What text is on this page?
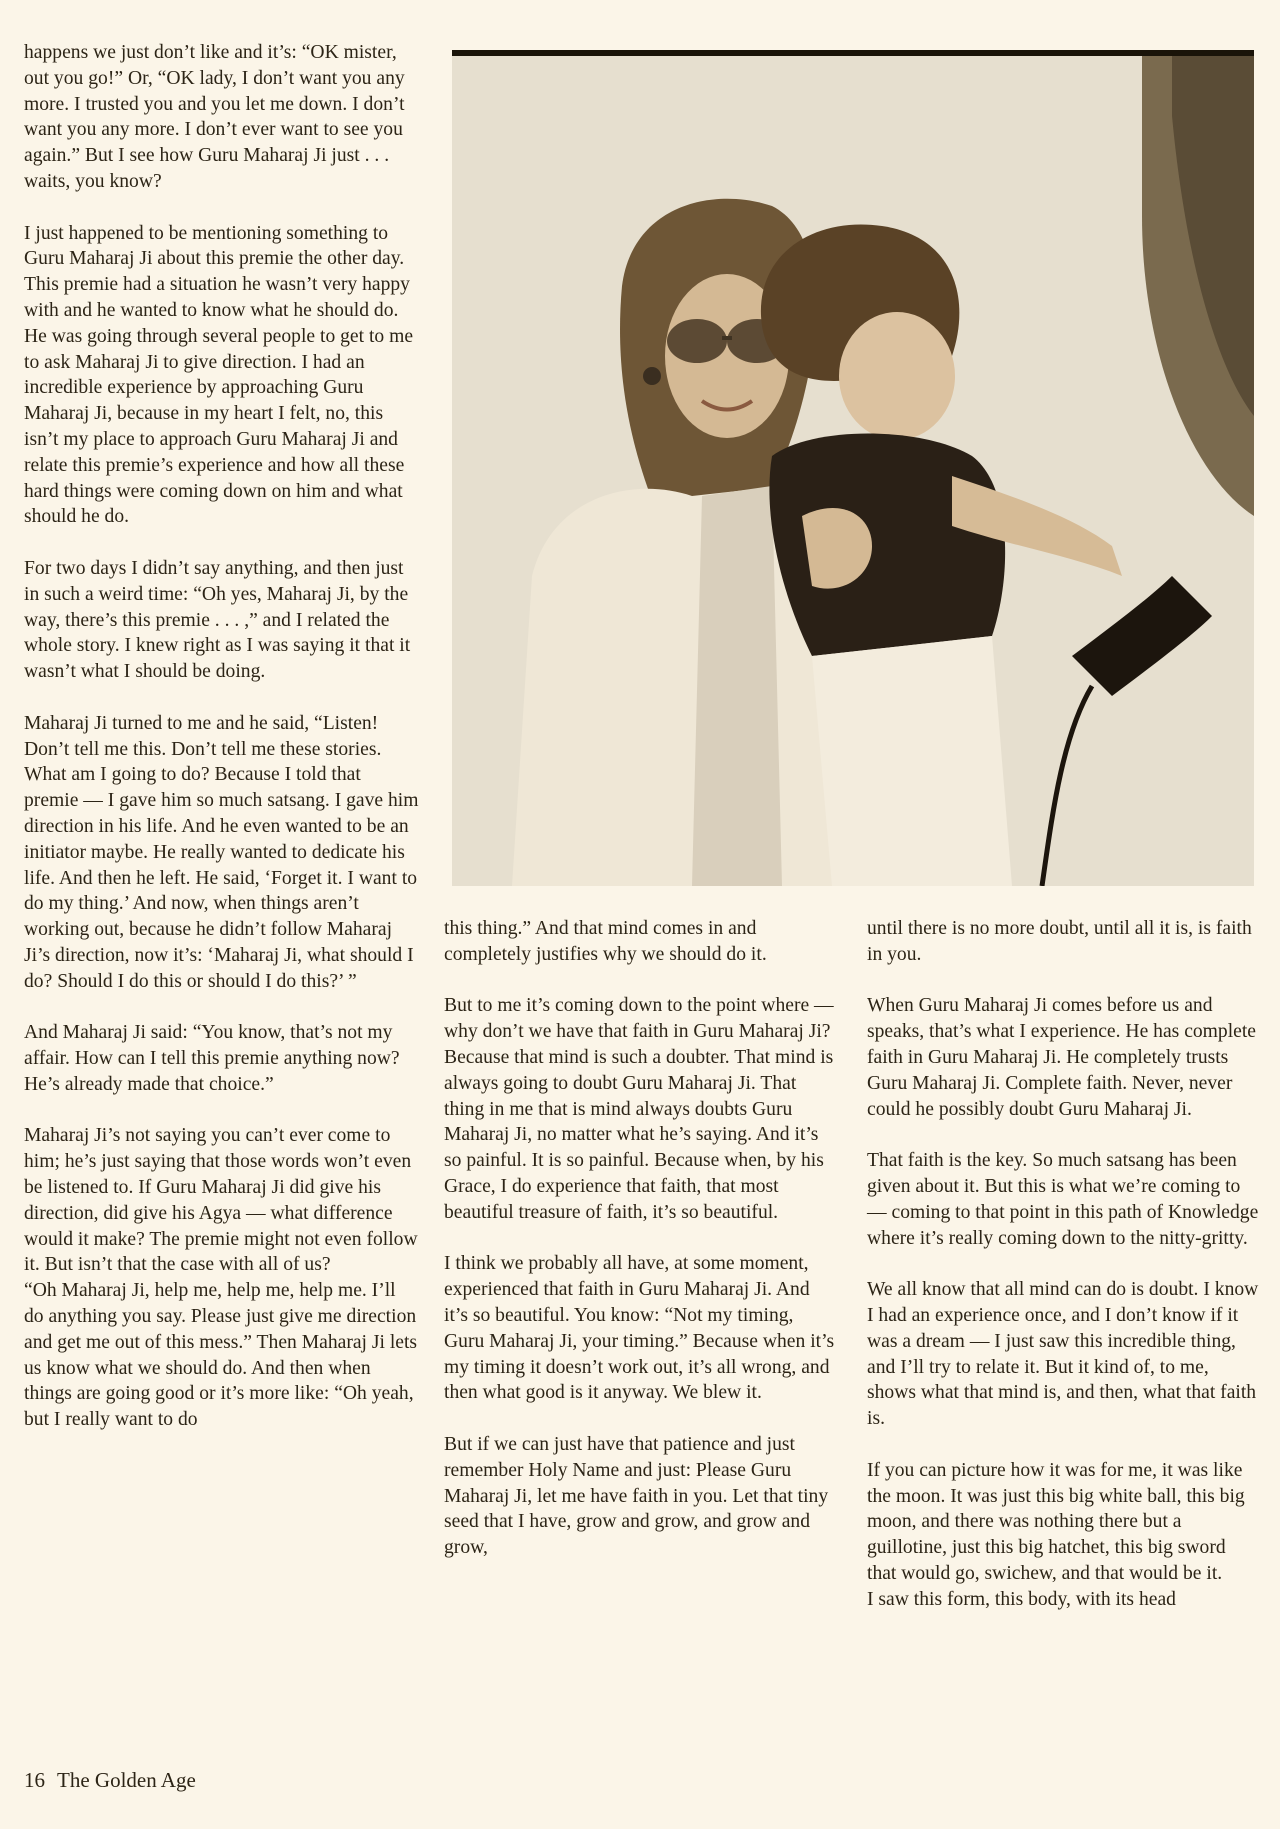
happens we just don’t like and it’s: “OK mister, out you go!” Or, “OK lady, I don’t want you any more. I trusted you and you let me down. I don’t want you any more. I don’t ever want to see you again.” But I see how Guru Maharaj Ji just . . . waits, you know?

I just happened to be mentioning something to Guru Maharaj Ji about this premie the other day. This premie had a situation he wasn’t very happy with and he wanted to know what he should do. He was going through several people to get to me to ask Maharaj Ji to give direction. I had an incredible experience by approaching Guru Maharaj Ji, because in my heart I felt, no, this isn’t my place to approach Guru Maharaj Ji and relate this premie’s experience and how all these hard things were coming down on him and what should he do.

For two days I didn’t say anything, and then just in such a weird time: “Oh yes, Maharaj Ji, by the way, there’s this premie . . . ,” and I related the whole story. I knew right as I was saying it that it wasn’t what I should be doing.

Maharaj Ji turned to me and he said, “Listen! Don’t tell me this. Don’t tell me these stories. What am I going to do? Because I told that premie — I gave him so much satsang. I gave him direction in his life. And he even wanted to be an initiator maybe. He really wanted to dedicate his life. And then he left. He said, ‘Forget it. I want to do my thing.’ And now, when things aren’t working out, because he didn’t follow Maharaj Ji’s direction, now it’s: ‘Maharaj Ji, what should I do? Should I do this or should I do this?’ ”

And Maharaj Ji said: “You know, that’s not my affair. How can I tell this premie anything now? He’s already made that choice.”

Maharaj Ji’s not saying you can’t ever come to him; he’s just saying that those words won’t even be listened to. If Guru Maharaj Ji did give his direction, did give his Agya — what difference would it make? The premie might not even follow it. But isn’t that the case with all of us?

“Oh Maharaj Ji, help me, help me, help me. I’ll do anything you say. Please just give me direction and get me out of this mess.” Then Maharaj Ji lets us know what we should do. And then when things are going good or it’s more like: “Oh yeah, but I really want to do

this thing.” And that mind comes in and completely justifies why we should do it.

But to me it’s coming down to the point where — why don’t we have that faith in Guru Maharaj Ji? Because that mind is such a doubter. That mind is always going to doubt Guru Maharaj Ji. That thing in me that is mind always doubts Guru Maharaj Ji, no matter what he’s saying. And it’s so painful. It is so painful. Because when, by his Grace, I do experience that faith, that most beautiful treasure of faith, it’s so beautiful.

I think we probably all have, at some moment, experienced that faith in Guru Maharaj Ji. And it’s so beautiful. You know: “Not my timing, Guru Maharaj Ji, your timing.” Because when it’s my timing it doesn’t work out, it’s all wrong, and then what good is it anyway. We blew it.

But if we can just have that patience and just remember Holy Name and just: Please Guru Maharaj Ji, let me have faith in you. Let that tiny seed that I have, grow and grow, and grow and grow,

until there is no more doubt, until all it is, is faith in you.

When Guru Maharaj Ji comes before us and speaks, that’s what I experience. He has complete faith in Guru Maharaj Ji. He completely trusts Guru Maharaj Ji. Complete faith. Never, never could he possibly doubt Guru Maharaj Ji.

That faith is the key. So much satsang has been given about it. But this is what we’re coming to — coming to that point in this path of Knowledge where it’s really coming down to the nitty-gritty.

We all know that all mind can do is doubt. I know I had an experience once, and I don’t know if it was a dream — I just saw this incredible thing, and I’ll try to relate it. But it kind of, to me, shows what that mind is, and then, what that faith is.

If you can picture how it was for me, it was like the moon. It was just this big white ball, this big moon, and there was nothing there but a guillotine, just this big hatchet, this big sword that would go, swichew, and that would be it.

I saw this form, this body, with its head

16 The Golden Age
